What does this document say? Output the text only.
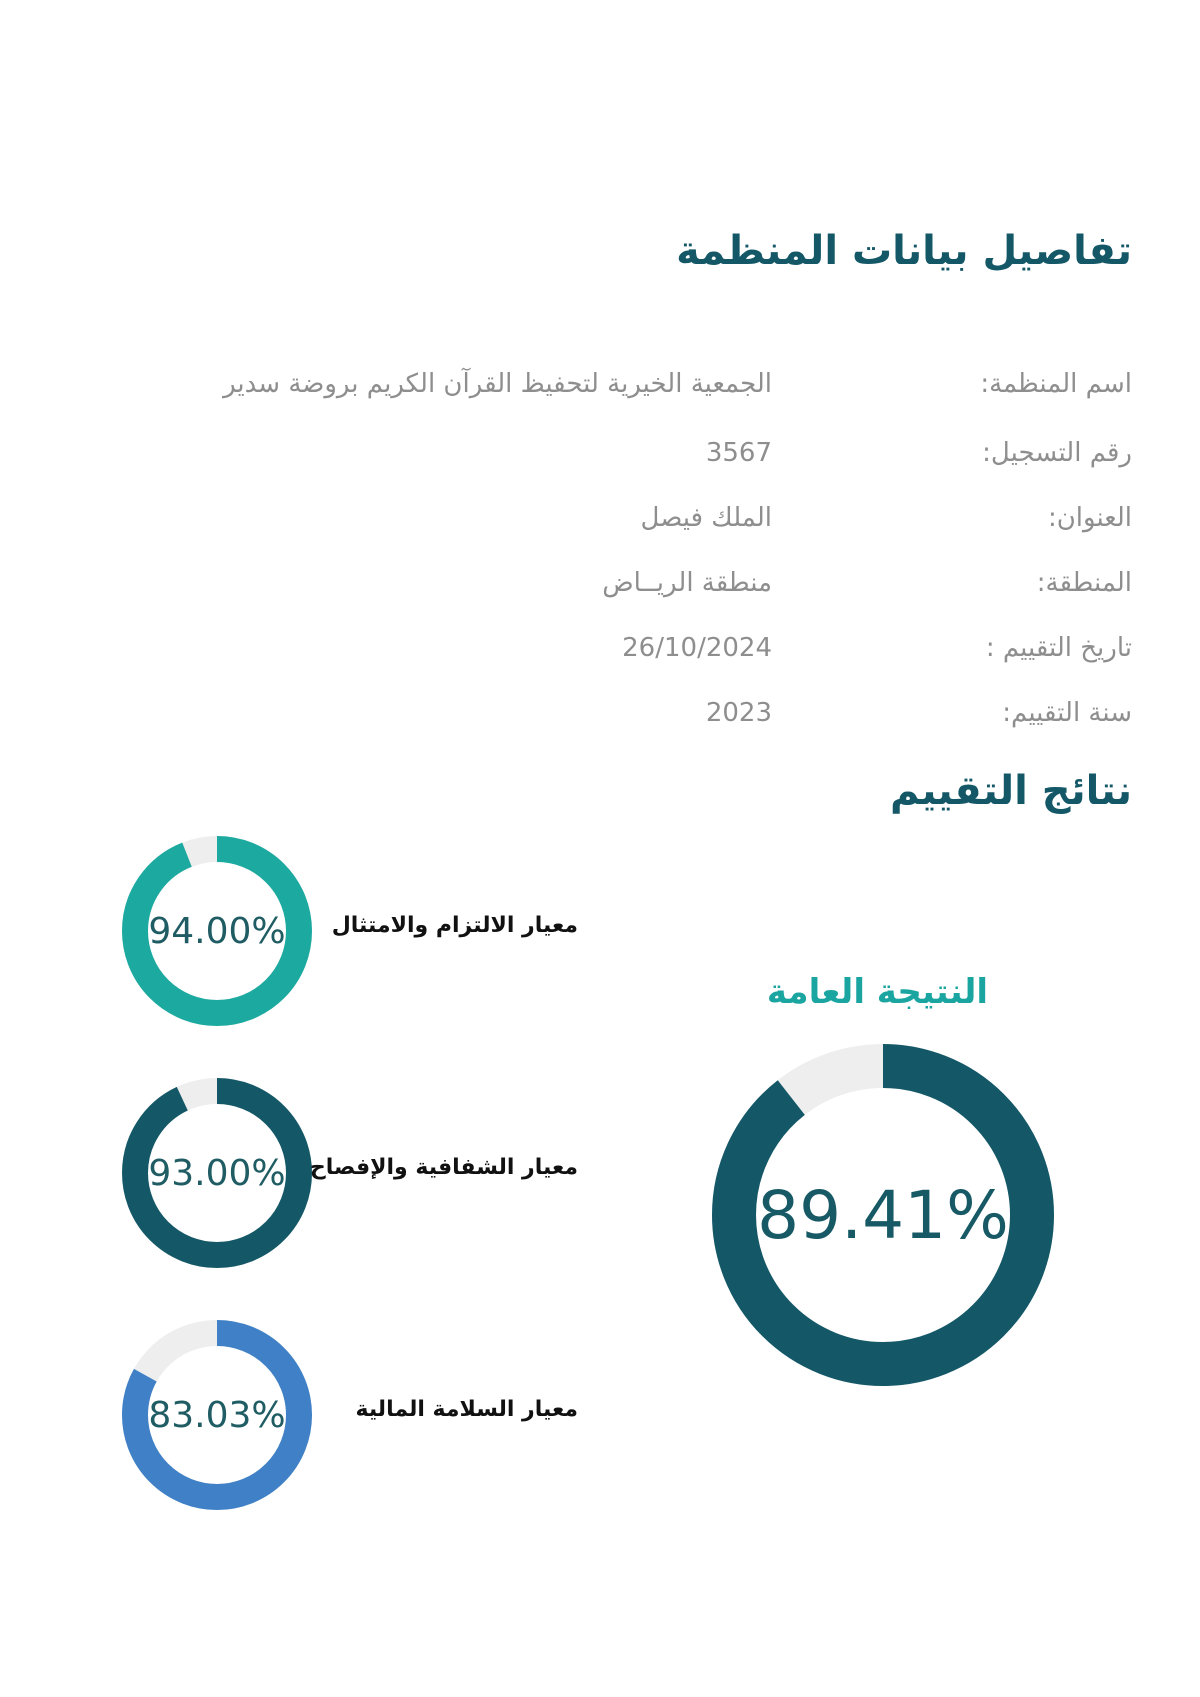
تفاصيل بيانات المنظمة
اسم المنظمة:
الجمعية الخيرية لتحفيظ القرآن الكريم بروضة سدير
رقم التسجيل:
3567
العنوان:
الملك فيصل
المنطقة:
منطقة الريــاض
تاريخ التقييم :
26/10/2024
سنة التقييم:
2023
نتائج التقييم
النتيجة العامة
89.41%
94.00%	معيار الالتزام والامتثال
93.00%	معيار الشفافية والإفصاح
83.03%	معيار السلامة المالية
